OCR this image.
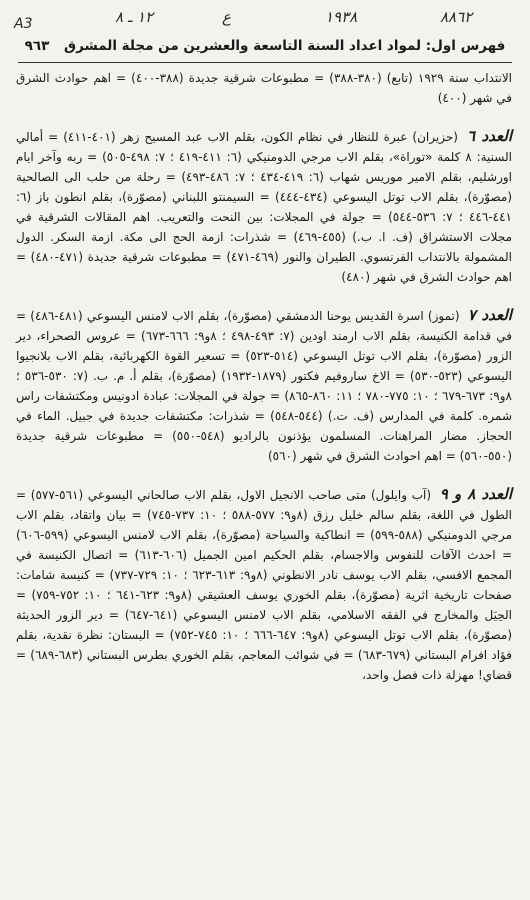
A3	١٢ ـ ٨	ع	١٩٣٨	٨٨٦٢
فهرس اول: لمواد اعداد السنة التاسعة والعشرين من مجلة المشرق ٩٦٣

الانتداب سنة ١٩٢٩ (تابع) (٣٨٠-٣٨٨) = مطبوعات شرقية جديدة (٣٨٨-٤٠٠) = اهم حوادث الشرق في شهر (٤٠٠)

العدد ٦ (حزيران) عبرة للنظار في نظام الكون، بقلم الاب عبد المسيح زهر (٤٠١-٤١١) = أمالي السنية: ٨ كلمة «توراة»، بقلم الاب مرجي الدومنيكي (٦: ٤١١-٤١٩ ؛ ٧: ٤٩٨-٥٠٥) = ربه وآخر ايام اورشليم، بقلم الامير موريس شهاب (٦: ٤١٩-٤٣٤ ؛ ٧: ٤٨٦-٤٩٣) = رحلة من حلب الى الصالحية (مصوّرة)، بقلم الاب توتل اليسوعي (٤٣٤-٤٤٤) = السيمنتو اللبناني (مصوّرة)، بقلم انطون باز (٦: ٤٤١-٤٤٦ ؛ ٧: ٥٣٦-٥٤٤) = جولة في المجلات: بين النحت والتعريب. اهم المقالات الشرقية في مجلات الاستشراق (ف. ا. ب.) (٤٥٥-٤٦٩) = شذرات: ازمة الحج الى مكة. ازمة السكر. الدول المشمولة بالانتداب الفرنسوي. الطيران والنور (٤٦٩-٤٧١) = مطبوعات شرقية جديدة (٤٧١-٤٨٠) = اهم حوادث الشرق في شهر (٤٨٠)

العدد ٧ (تموز) اسرة القديس يوحنا الدمشقي (مصوّرة)، بقلم الاب لامنس اليسوعي (٤٨١-٤٨٦) = في قدامة الكنيسة، بقلم الاب ارمند اودين (٧: ٤٩٣-٤٩٨ ؛ ٨و٩: ٦٦٦-٦٧٣) = عروس الصحراء، دير الزور (مصوّرة)، بقلم الاب توتل اليسوعي (٥١٤-٥٢٣) = تسعير القوة الكهربائية، بقلم الاب بلانجيوا اليسوعي (٥٢٣-٥٣٠) = الاخ ساروفيم فكتور (١٨٧٩-١٩٣٢) (مصوّرة)، بقلم أ. م. ب. (٧: ٥٣٠-٥٣٦ ؛ ٨و٩: ٦٧٣-٦٧٩ ؛ ١٠: ٧٧٥-٧٨٠ ؛ ١١: ٨٦٠-٨٦٥) = جولة في المجلات: عبادة ادونيس ومكتشفات راس شمره. كلمة في المدارس (ف. ت.) (٥٤٤-٥٤٨) = شذرات: مكتشفات جديدة في جبيل. الماء في الحجاز. مضار المراهنات. المسلمون يؤذنون بالراديو (٥٤٨-٥٥٠) = مطبوعات شرقية جديدة (٥٥٠-٥٦٠) = اهم احوادث الشرق في شهر (٥٦٠)

العدد ٨ و ٩ (آب وايلول) متى صاحب الانجيل الاول، بقلم الاب صالحاني اليسوعي (٥٦١-٥٧٧) = الطول في اللغة، بقلم سالم خليل رزق (٨و٩: ٥٧٧-٥٨٨ ؛ ١٠: ٧٣٧-٧٤٥) = بيان واتقاد، بقلم الاب مرجي الدومنيكي (٥٨٨-٥٩٩) = انطاكية والسياحة (مصوّرة)، بقلم الاب لامنس اليسوعي (٥٩٩-٦٠٦) = احدث الآفات للنفوس والاجسام، بقلم الحكيم امين الجميل (٦٠٦-٦١٣) = اتصال الكنيسة في المجمع الافسي، بقلم الاب يوسف نادر الانطوني (٨و٩: ٦١٣-٦٢٣ ؛ ١٠: ٧٢٩-٧٣٧) = كنيسة شامات: صفحات تاريخية اثرية (مصوّرة)، بقلم الخوري يوسف العشيقي (٨و٩: ٦٢٣-٦٤١ ؛ ١٠: ٧٥٢-٧٥٩) = الحِيَل والمخارج في الفقه الاسلامي، بقلم الاب لامنس اليسوعي (٦٤١-٦٤٧) = دير الزور الحديثة (مصوّرة)، بقلم الاب توتل اليسوعي (٨و٩: ٦٤٧-٦٦٦ ؛ ١٠: ٧٤٥-٧٥٢) = البستان: نظرة نقدية، بقلم فؤاد افرام البستاني (٦٧٩-٦٨٣) = في شوائب المعاجم، بقلم الخوري بطرس البستاني (٦٨٣-٦٨٩) = قضاي! مهزلة ذات فصل واحد،
